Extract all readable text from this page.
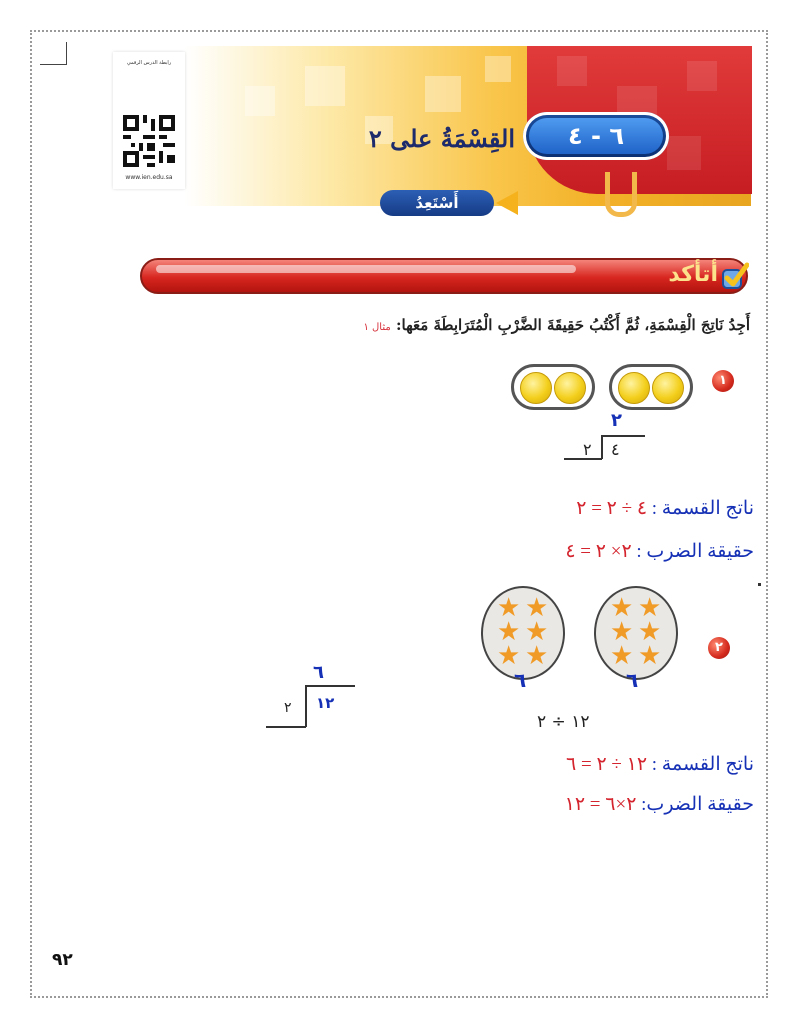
رابطة الدرس الرقمي
www.ien.edu.sa
٦ - ٤
القِسْمَةُ على ٢
أَسْتَعِدُ
أتأكد
أَجِدُ نَاتِجَ الْقِسْمَةِ، ثُمَّ أَكْتُبُ حَقِيقَةَ الضَّرْبِ الْمُتَرَابِطَةَ مَعَها: مثال ١
١
٢
٤
٢
ناتج القسمة : ٤ ÷ ٢ = ٢
حقيقة الضرب : ٢× ٢ = ٤
٢
★ ★
★ ★
★ ★
★ ★
★ ★
★ ★
٦
٦
٦
١٢
٢
١٢ ÷ ٢
ناتج القسمة : ١٢ ÷ ٢ = ٦
حقيقة الضرب: ٢×٦ = ١٢
٩٢
